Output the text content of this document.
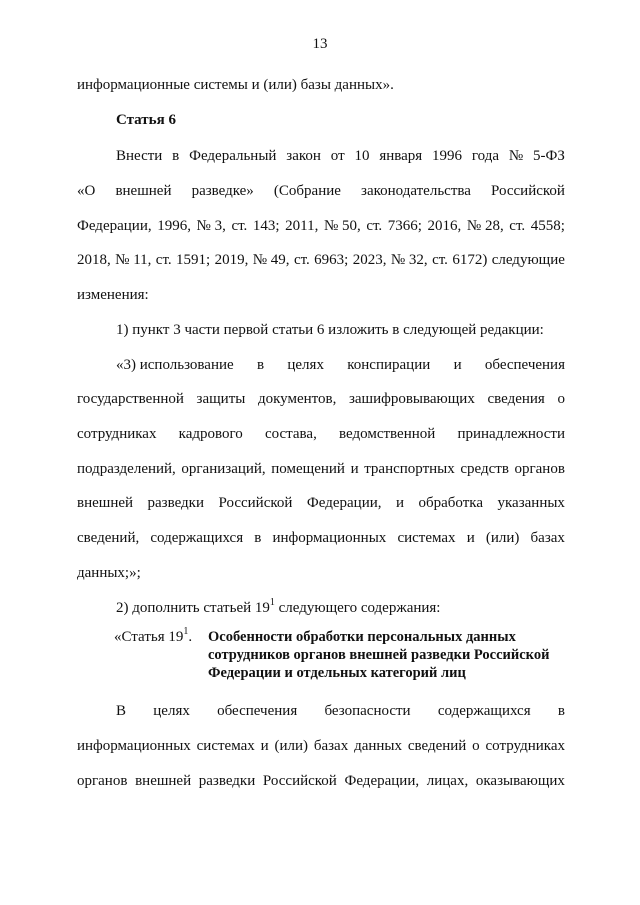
13
информационные системы и (или) базы данных».
Статья 6
Внести в Федеральный закон от 10 января 1996 года № 5-ФЗ
«О внешней разведке» (Собрание законодательства Российской
Федерации, 1996, № 3, ст. 143; 2011, № 50, ст. 7366; 2016, № 28, ст. 4558;
2018, № 11, ст. 1591; 2019, № 49, ст. 6963; 2023, № 32, ст. 6172) следующие
изменения:
1) пункт 3 части первой статьи 6 изложить в следующей редакции:
«3) использование в целях конспирации и обеспечения
государственной защиты документов, зашифровывающих сведения о
сотрудниках кадрового состава, ведомственной принадлежности
подразделений, организаций, помещений и транспортных средств органов
внешней разведки Российской Федерации, и обработка указанных
сведений, содержащихся в информационных системах и (или) базах
данных;»;
2) дополнить статьей $19^1$ следующего содержания:
«Статья $19^1$. Особенности обработки персональных данных
сотрудников органов внешней разведки Российской
Федерации и отдельных категорий лиц
В целях обеспечения безопасности содержащихся в
информационных системах и (или) базах данных сведений о сотрудниках
органов внешней разведки Российской Федерации, лицах, оказывающих
